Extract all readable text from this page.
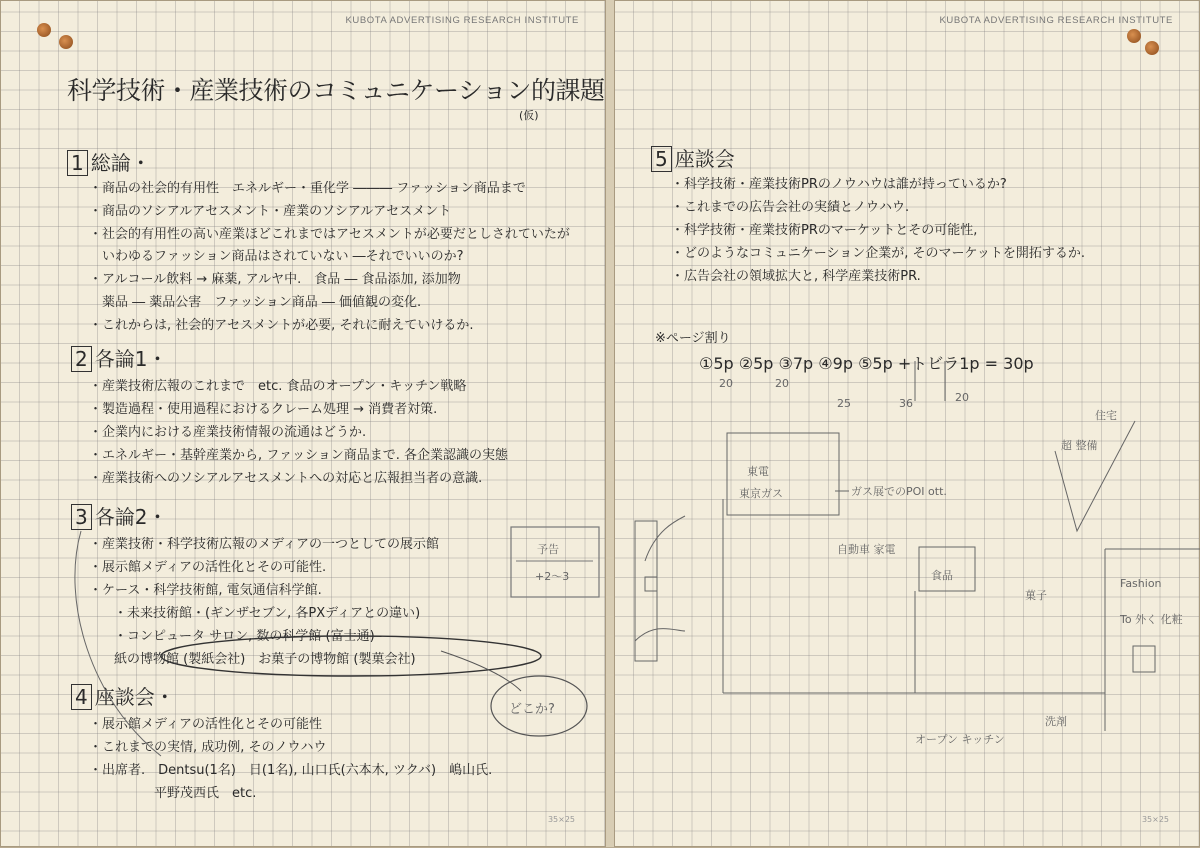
KUBOTA ADVERTISING RESEARCH INSTITUTE
科学技術・産業技術のコミュニケーション的課題
(仮)
1 総論・
・商品の社会的有用性　エネルギー・重化学 ――― ファッション商品まで
・商品のソシアルアセスメント・産業のソシアルアセスメント
・社会的有用性の高い産業ほどこれまではアセスメントが必要だとしされていたが
　いわゆるファッション商品はされていない ―それでいいのか?
・アルコール飲料 → 麻薬, アルヤ中.　食品 ― 食品添加, 添加物
　薬品 ― 薬品公害　ファッション商品 ― 価値観の変化.
・これからは, 社会的アセスメントが必要, それに耐えていけるか.
2 各論1・
・産業技術広報のこれまで　etc. 食品のオープン・キッチン戦略
・製造過程・使用過程におけるクレーム処理 → 消費者対策.
・企業内における産業技術情報の流通はどうか.
・エネルギー・基幹産業から, ファッション商品まで. 各企業認識の実態
・産業技術へのソシアルアセスメントへの対応と広報担当者の意識.
3 各論2・
・産業技術・科学技術広報のメディアの一つとしての展示館
・展示館メディアの活性化とその可能性.
・ケース・科学技術館, 電気通信科学館.
　・未来技術館・(ギンザセブン, 各PXディアとの違い)
　・コンピュータ サロン, 数の科学館 (富士通)
　紙の博物館 (製紙会社)　お菓子の博物館 (製菓会社)
4 座談会・
・展示館メディアの活性化とその可能性
・これまでの実情, 成功例, そのノウハウ
・出席者.　Dentsu(1名)　日(1名), 山口氏(六本木, ツクバ)　嶋山氏.
　　　　　平野茂西氏　etc.
予告
+2〜3
どこか?
35×25
KUBOTA ADVERTISING RESEARCH INSTITUTE
5 座談会
・科学技術・産業技術PRのノウハウは誰が持っているか?
・これまでの広告会社の実績とノウハウ.
・科学技術・産業技術PRのマーケットとその可能性,
・どのようなコミュニケーション企業が, そのマーケットを開拓するか.
・広告会社の領域拡大と, 科学産業技術PR.
※ページ割り
①5p ②5p ③7p ④9p ⑤5p +トビラ1p = 30p
20	20
25	36	20
東電
東京ガス	ガス展でのPOI ott.
自動車 家電
食品
菓子
Fashion
To 外く 化粧
オープン キッチン
洗剤
住宅
超 整備
35×25
